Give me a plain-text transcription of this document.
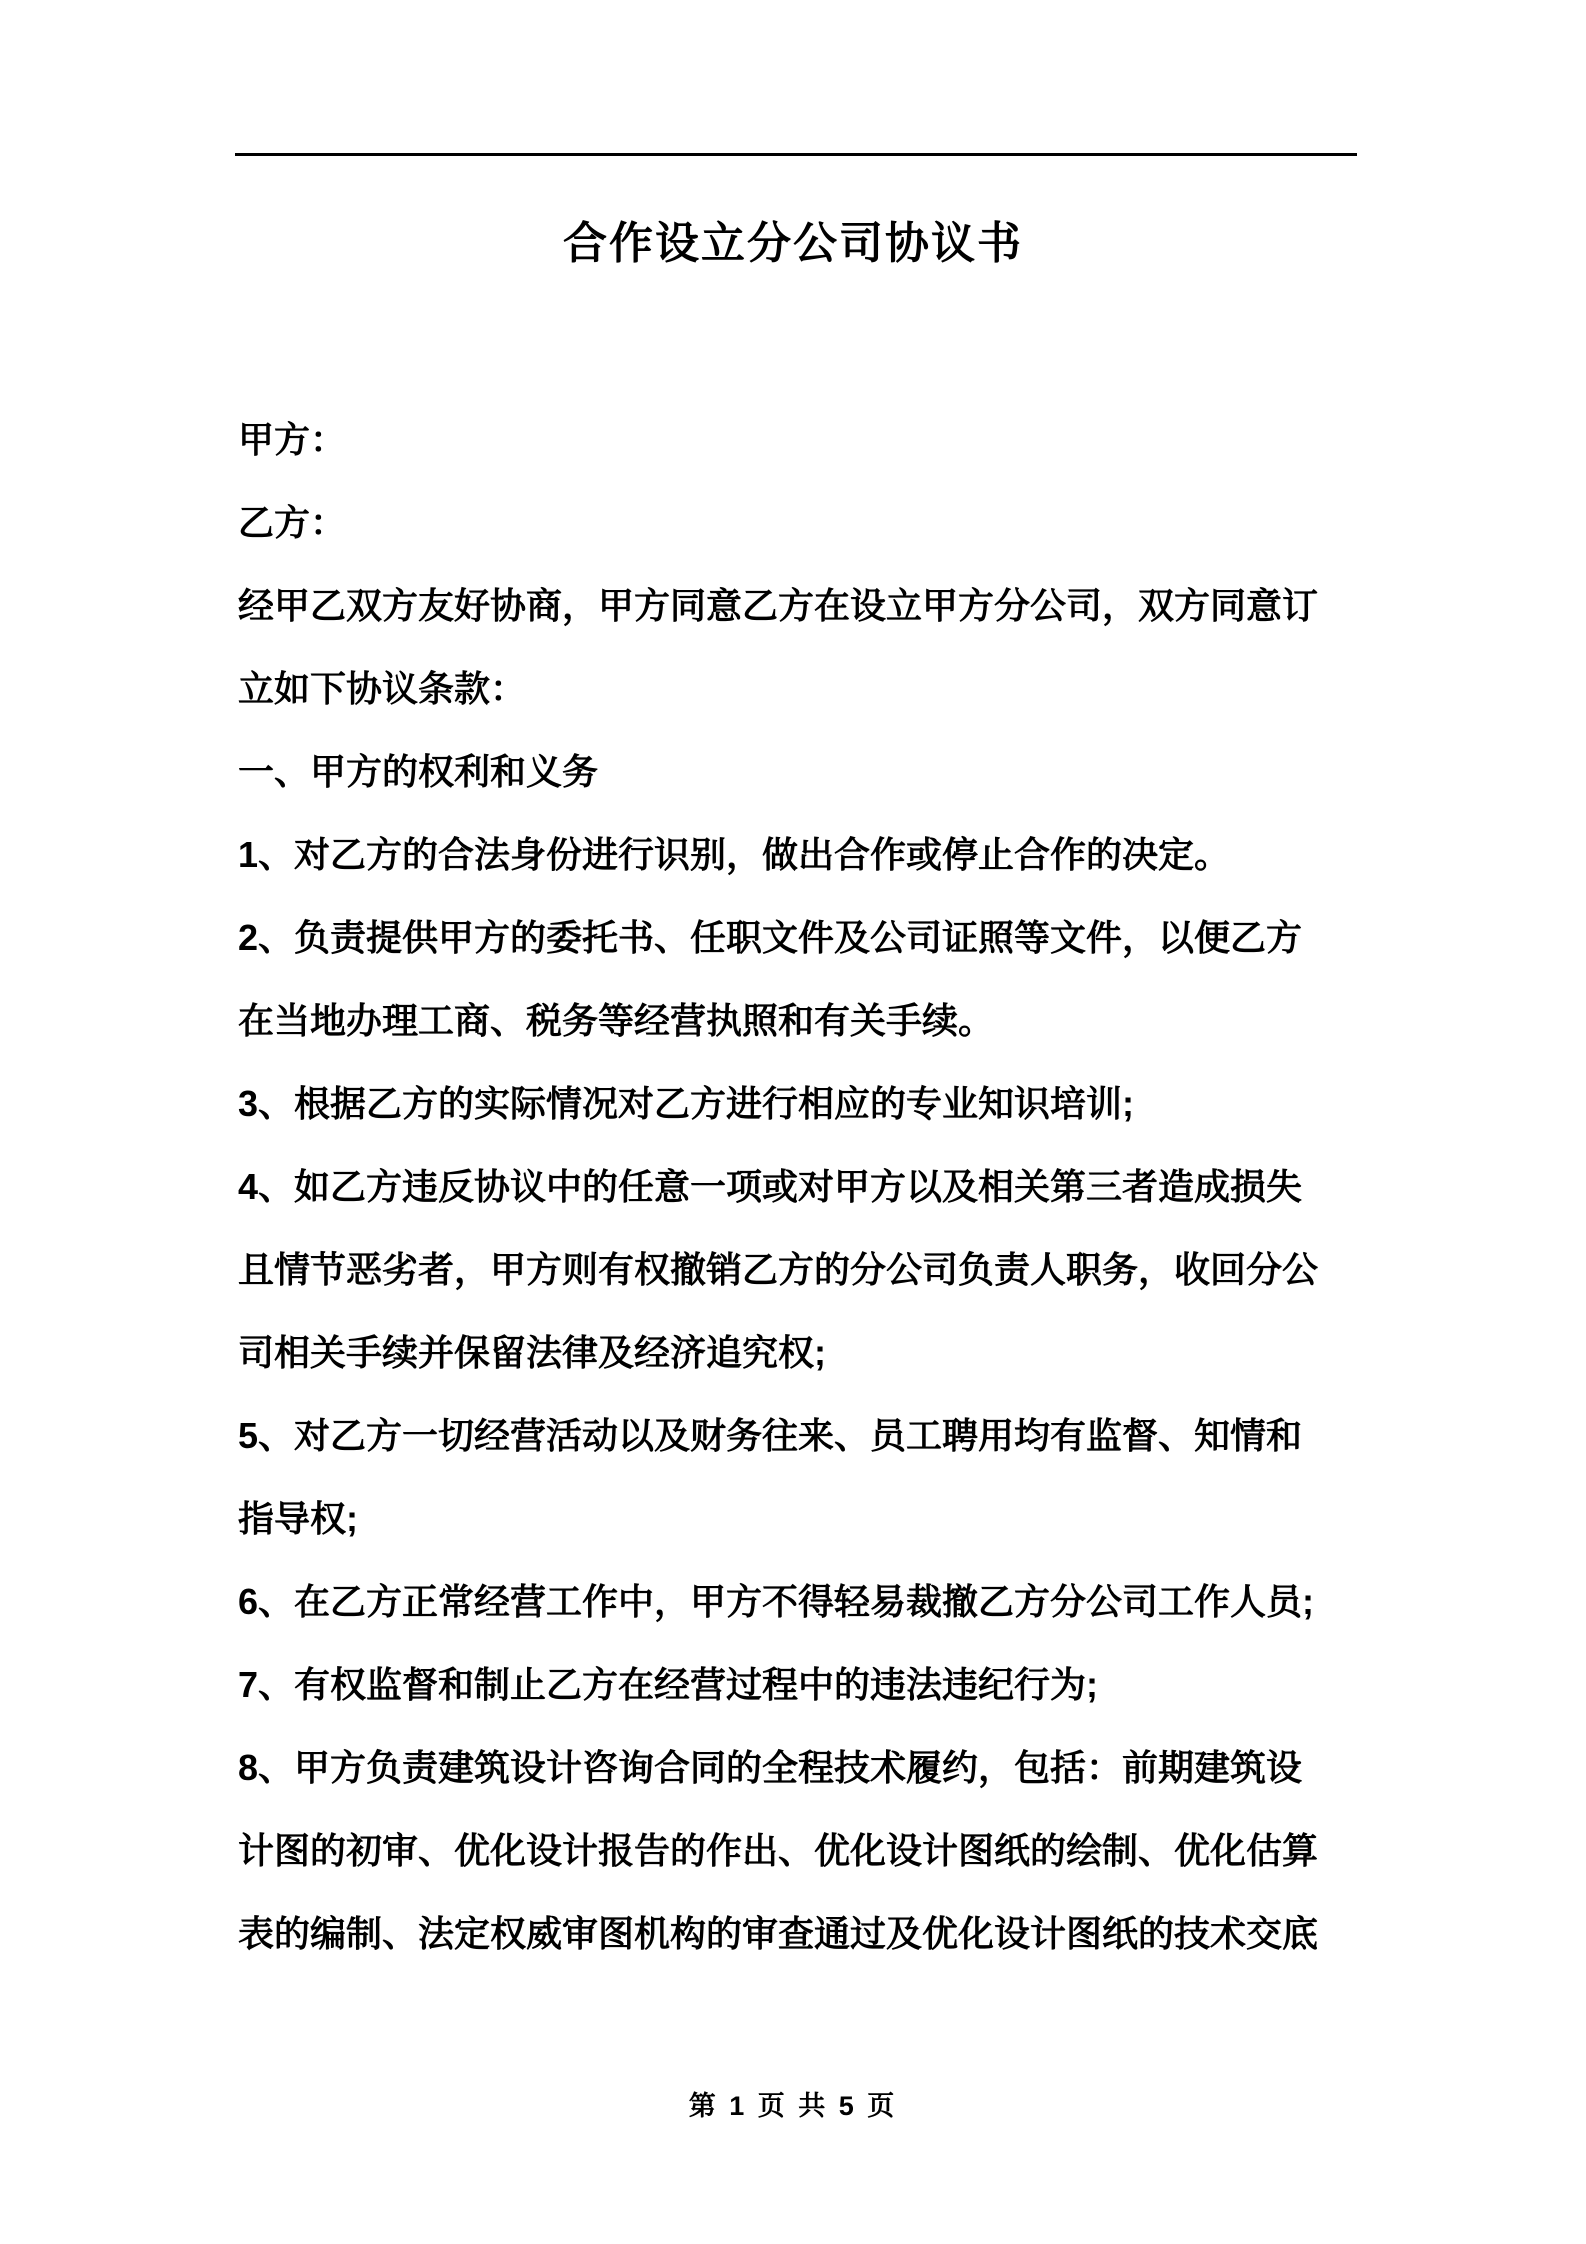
合作设立分公司协议书
甲方：
乙方：
经甲乙双方友好协商，甲方同意乙方在设立甲方分公司，双方同意订
立如下协议条款：
一、甲方的权利和义务
1、对乙方的合法身份进行识别，做出合作或停止合作的决定。
2、负责提供甲方的委托书、任职文件及公司证照等文件，以便乙方
在当地办理工商、税务等经营执照和有关手续。
3、根据乙方的实际情况对乙方进行相应的专业知识培训;
4、如乙方违反协议中的任意一项或对甲方以及相关第三者造成损失
且情节恶劣者，甲方则有权撤销乙方的分公司负责人职务，收回分公
司相关手续并保留法律及经济追究权;
5、对乙方一切经营活动以及财务往来、员工聘用均有监督、知情和
指导权;
6、在乙方正常经营工作中，甲方不得轻易裁撤乙方分公司工作人员;
7、有权监督和制止乙方在经营过程中的违法违纪行为;
8、甲方负责建筑设计咨询合同的全程技术履约，包括：前期建筑设
计图的初审、优化设计报告的作出、优化设计图纸的绘制、优化估算
表的编制、法定权威审图机构的审查通过及优化设计图纸的技术交底
第 1 页 共 5 页
